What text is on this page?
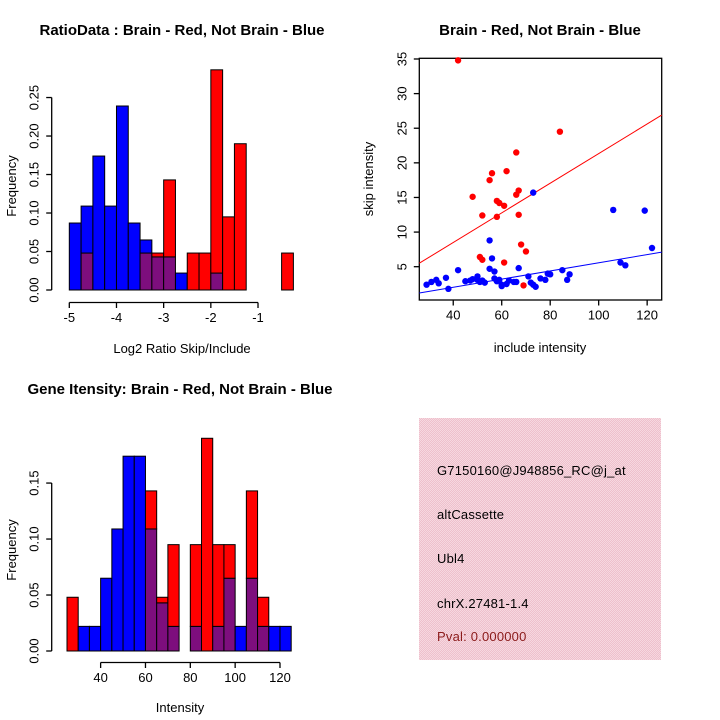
RatioData : Brain - Red, Not Brain - Blue
Log2 Ratio Skip/Include
Frequency
-5	-4	-3	-2	-1
0.00
0.05
0.10
0.15
0.20
0.25
Brain - Red, Not Brain - Blue
include intensity
skip intensity
40	60	80 100 120
5
10
15
20
25
30
35
Gene Itensity: Brain - Red, Not Brain - Blue
Intensity
Frequency
40 60 80 100 120
0.00
0.05
0.10
0.15	G7150160@J948856_RC@j_at
altCassette
Ubl4
chrX.27481-1.4
Pval: 0.000000
